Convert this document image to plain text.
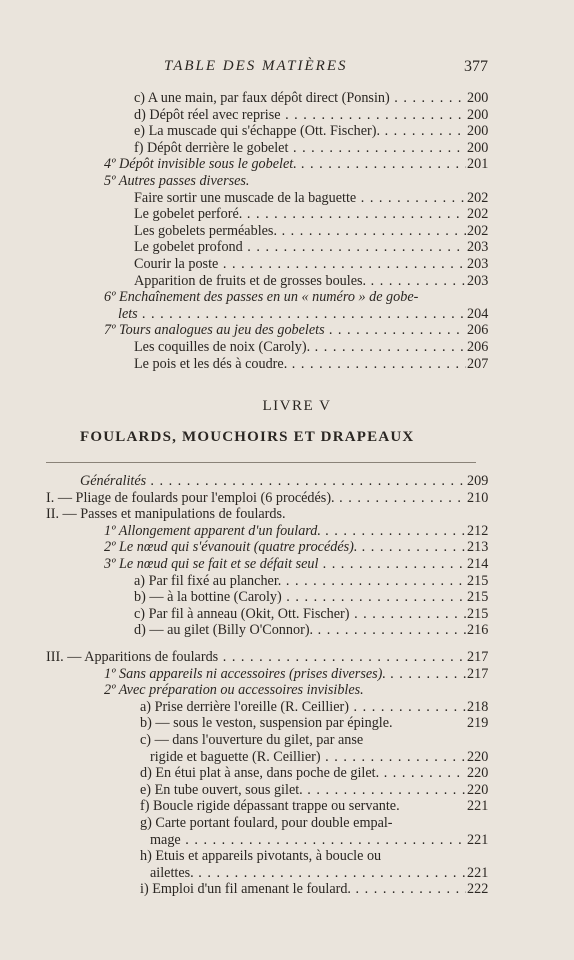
TABLE DES MATIÈRES	377
c) A une main, par faux dépôt direct (Ponsin) . . .	200
d) Dépôt réel avec reprise . . .	200
e) La muscade qui s'échappe (Ott. Fischer). . . .	200
f) Dépôt derrière le gobelet . . .	200
4º Dépôt invisible sous le gobelet. . . .	201
5º Autres passes diverses.
Faire sortir une muscade de la baguette . . .	202
Le gobelet perforé. . . .	202
Les gobelets perméables. . . .	202
Le gobelet profond . . .	203
Courir la poste . . .	203
Apparition de fruits et de grosses boules. . . .	203
6º Enchaînement des passes en un « numéro » de gobe-
lets . . .	204
7º Tours analogues au jeu des gobelets . . .	206
Les coquilles de noix (Caroly). . . .	206
Le pois et les dés à coudre. . . .	207
LIVRE V
FOULARDS, MOUCHOIRS ET DRAPEAUX
Généralités . . .	209
I. — Pliage de foulards pour l'emploi (6 procédés). . . .	210
II. — Passes et manipulations de foulards.
1º Allongement apparent d'un foulard. . . .	212
2º Le nœud qui s'évanouit (quatre procédés). . . .	213
3º Le nœud qui se fait et se défait seul . . .	214
a) Par fil fixé au plancher. . . .	215
b) — à la bottine (Caroly) . . .	215
c) Par fil à anneau (Okit, Ott. Fischer) . . .	215
d) — au gilet (Billy O'Connor). . . .	216
III. — Apparitions de foulards . . .	217
1º Sans appareils ni accessoires (prises diverses). . . .	217
2º Avec préparation ou accessoires invisibles.
a) Prise derrière l'oreille (R. Ceillier) . . .	218
b) — sous le veston, suspension par épingle.	219
c) — dans l'ouverture du gilet, par anse
rigide et baguette (R. Ceillier) . . .	220
d) En étui plat à anse, dans poche de gilet. . . .	220
e) En tube ouvert, sous gilet. . . .	220
f) Boucle rigide dépassant trappe ou servante.	221
g) Carte portant foulard, pour double empal-
mage . . .	221
h) Etuis et appareils pivotants, à boucle ou
ailettes. . . .	221
i) Emploi d'un fil amenant le foulard. . . .	222
